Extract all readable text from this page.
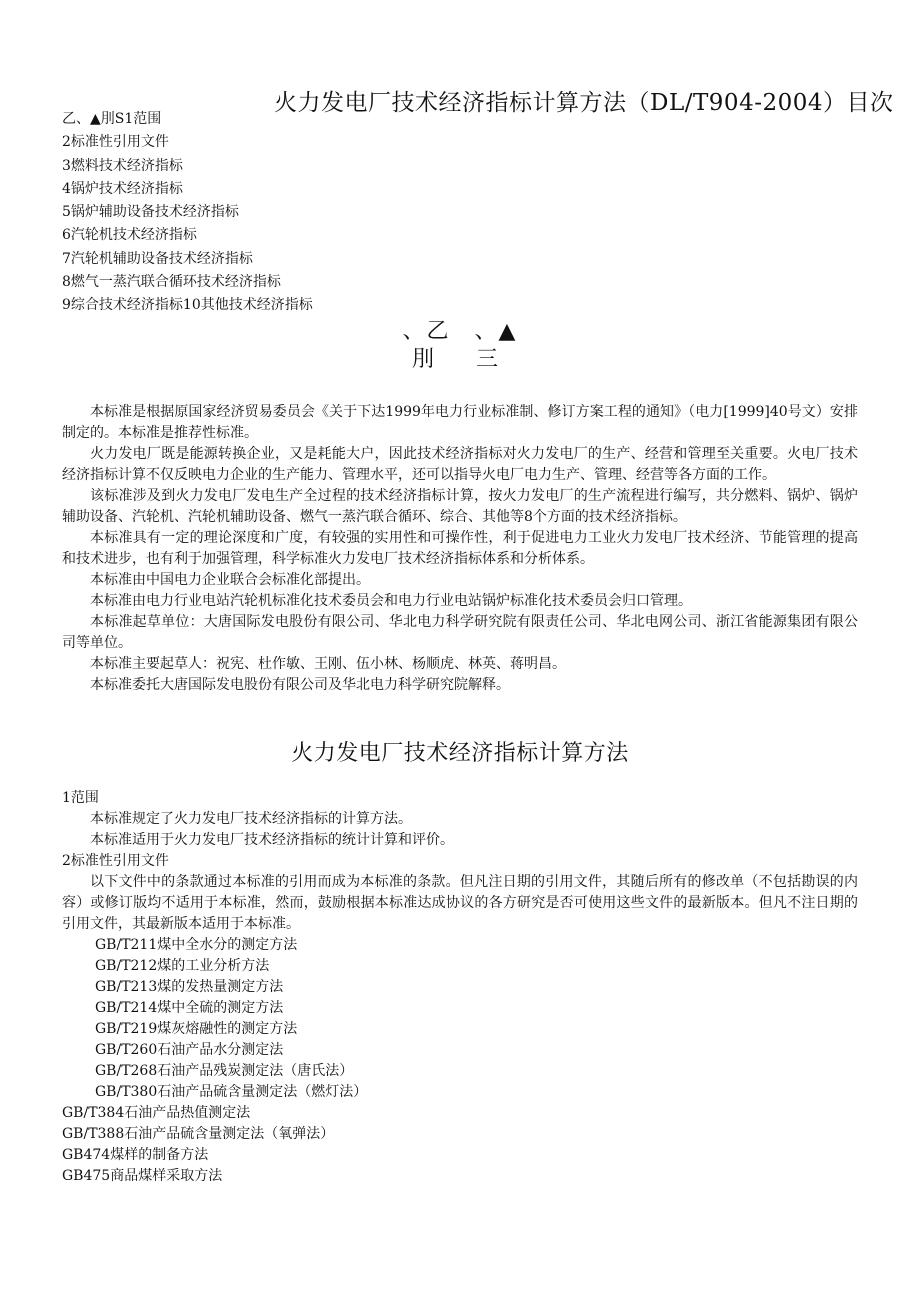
火力发电厂技术经济指标计算方法（DL/T904-2004）目次
乙、▲刖S1范围
2标准性引用文件
3燃料技术经济指标
4锅炉技术经济指标
5锅炉辅助设备技术经济指标
6汽轮机技术经济指标
7汽轮机辅助设备技术经济指标
8燃气一蒸汽联合循环技术经济指标
9综合技术经济指标10其他技术经济指标
、乙　、▲
刖　三

本标准是根据原国家经济贸易委员会《关于下达1999年电力行业标准制、修订方案工程的通知》（电力[1999]40号文）安排制定的。本标准是推荐性标准。

火力发电厂既是能源转换企业，又是耗能大户，因此技术经济指标对火力发电厂的生产、经营和管理至关重要。火电厂技术经济指标计算不仅反映电力企业的生产能力、管理水平，还可以指导火电厂电力生产、管理、经营等各方面的工作。

该标准涉及到火力发电厂发电生产全过程的技术经济指标计算，按火力发电厂的生产流程进行编写，共分燃料、锅炉、锅炉辅助设备、汽轮机、汽轮机辅助设备、燃气一蒸汽联合循环、综合、其他等8个方面的技术经济指标。

本标准具有一定的理论深度和广度，有较强的实用性和可操作性，利于促进电力工业火力发电厂技术经济、节能管理的提高和技术进步，也有利于加强管理，科学标准火力发电厂技术经济指标体系和分析体系。

本标准由中国电力企业联合会标准化部提出。

本标准由电力行业电站汽轮机标准化技术委员会和电力行业电站锅炉标准化技术委员会归口管理。

本标准起草单位：大唐国际发电股份有限公司、华北电力科学研究院有限责任公司、华北电网公司、浙江省能源集团有限公司等单位。

本标准主要起草人：祝宪、杜作敏、王刚、伍小林、杨顺虎、林英、蒋明昌。

本标准委托大唐国际发电股份有限公司及华北电力科学研究院解释。

火力发电厂技术经济指标计算方法

1范围

本标准规定了火力发电厂技术经济指标的计算方法。

本标准适用于火力发电厂技术经济指标的统计计算和评价。

2标准性引用文件

以下文件中的条款通过本标准的引用而成为本标准的条款。但凡注日期的引用文件，其随后所有的修改单（不包括勘误的内容）或修订版均不适用于本标准，然而，鼓励根据本标准达成协议的各方研究是否可使用这些文件的最新版本。但凡不注日期的引用文件，其最新版本适用于本标准。

GB/T211煤中全水分的测定方法
GB/T212煤的工业分析方法
GB/T213煤的发热量测定方法
GB/T214煤中全硫的测定方法
GB/T219煤灰熔融性的测定方法
GB/T260石油产品水分测定法
GB/T268石油产品残炭测定法（唐氏法）
GB/T380石油产品硫含量测定法（燃灯法）
GB/T384石油产品热值测定法
GB/T388石油产品硫含量测定法（氧弹法）
GB474煤样的制备方法
GB475商品煤样采取方法
